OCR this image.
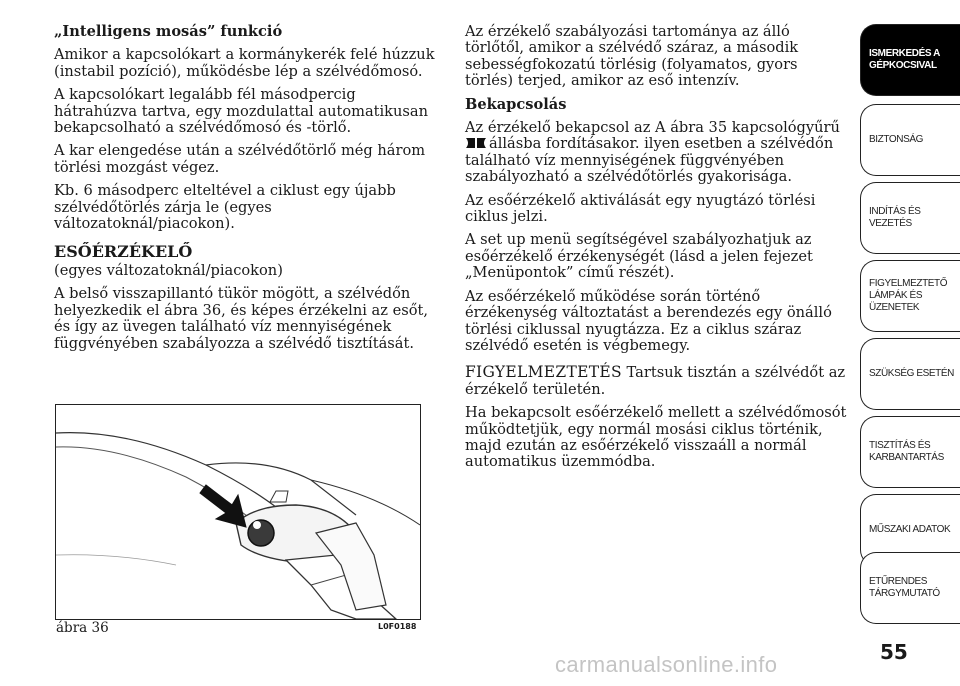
„Intelligens mosás” funkció

Amikor a kapcsolókart a kormánykerék felé húzzuk (instabil pozíció), működésbe lép a szélvédőmosó.

A kapcsolókart legalább fél másodpercig hátrahúzva tartva, egy mozdulattal automatikusan bekapcsolható a szélvédőmosó és -törlő.

A kar elengedése után a szélvédőtörlő még három törlési mozgást végez.

Kb. 6 másodperc elteltével a ciklust egy újabb szélvédőtörlés zárja le (egyes változatoknál/piacokon).

ESŐÉRZÉKELŐ

(egyes változatoknál/piacokon)

A belső visszapillantó tükör mögött, a szélvédőn helyezkedik el ábra 36, és képes érzékelni az esőt, és így az üvegen található víz mennyiségének függvényében szabályozza a szélvédő tisztítását.

ábra 36	L0F0188

Az érzékelő szabályozási tartománya az álló törlőtől, amikor a szélvédő száraz, a második sebességfokozatú törlésig (folyamatos, gyors törlés) terjed, amikor az eső intenzív.

Bekapcsolás

Az érzékelő bekapcsol az A ábra 35 kapcsológyűrű
állásba fordításakor. ilyen esetben a szélvédőn található víz mennyiségének függvényében szabályozható a szélvédőtörlés gyakorisága.

Az esőérzékelő aktiválását egy nyugtázó törlési ciklus jelzi.

A set up menü segítségével szabályozhatjuk az esőérzékelő érzékenységét (lásd a jelen fejezet „Menüpontok” című részét).

Az esőérzékelő működése során történő érzékenység változtatást a berendezés egy önálló törlési ciklussal nyugtázza. Ez a ciklus száraz szélvédő esetén is végbemegy.

FIGYELMEZTETÉS Tartsuk tisztán a szélvédőt az érzékelő területén.

Ha bekapcsolt esőérzékelő mellett a szélvédőmosót működtetjük, egy normál mosási ciklus történik, majd ezután az esőérzékelő visszaáll a normál automatikus üzemmódba.

ISMERKEDÉS A
GÉPKOCSIVAL
BIZTONSÁG
INDÍTÁS ÉS
VEZETÉS
FIGYELMEZTETŐ
LÁMPÁK ÉS
ÜZENETEK
SZÜKSÉG ESETÉN
TISZTÍTÁS ÉS
KARBANTARTÁS
MŰSZAKI ADATOK
ETŰRENDES
TÁRGYMUTATÓ
55
carmanualsonline.info
